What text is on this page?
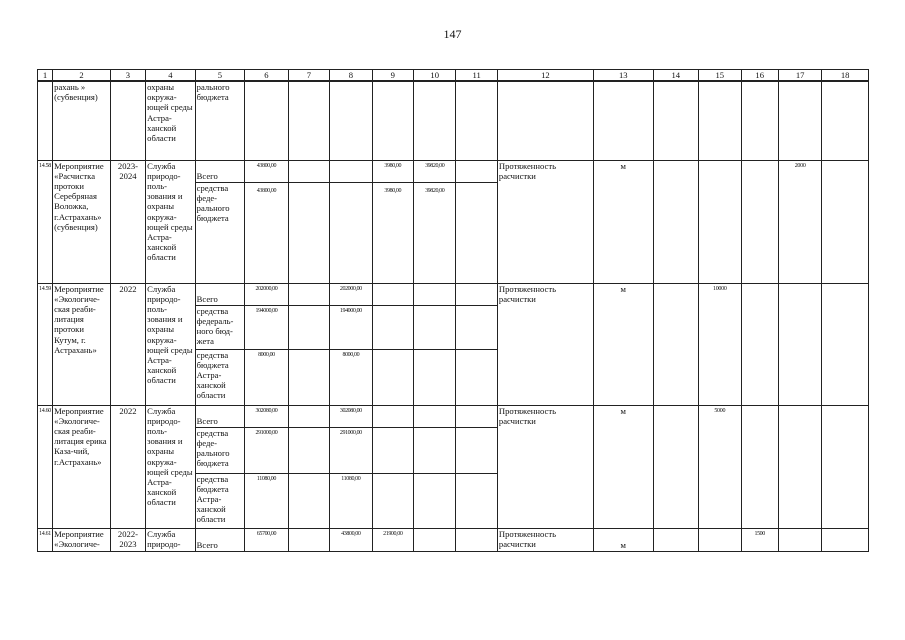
147
1	2	3	4	5	6	7	8	9	10	11	12	13	14	15	16	17	18
	рахань » (субвенция)		охраны окружа-ющей среды Астра-ханской области	рального бюджета													
14.58	Мероприятие «Расчистка протоки Серебряная Воложка, г.Астрахань» (субвенция)	2023-2024	Служба природо-поль-зования и охраны окружа-ющей среды Астра-ханской области	Всего	43800,00			3980,00	39820,00		Протяженность расчистки	м				2000	
				средства феде-рального бюджета	43800,00			3980,00	39820,00								
14.59	Мероприятие «Экологиче-ская реаби-литация протоки Кутум, г. Астрахань»	2022	Служба природо-поль-зования и охраны окружа-ющей среды Астра-ханской области	Всего	202000,00		202000,00				Протяженность расчистки	м		10000			
				средства федераль-ного бюд-жета	194000,00		194000,00										
				средства бюджета Астра-ханской области	8000,00		8000,00										
14.60	Мероприятие «Экологиче-ская реаби-литация ерика Каза-чий, г.Астрахань»	2022	Служба природо-поль-зования и охраны окружа-ющей среды Астра-ханской области	Всего	302080,00		302080,00				Протяженность расчистки	м		5000			
				средства феде-рального бюджета	291000,00		291000,00										
				средства бюджета Астра-ханской области	11080,00		11080,00										
14.61	Мероприятие «Экологиче-	2022-2023	Служба природо-	Всего	65700,00		43800,00	21900,00			Протяженность расчистки	м			1500		
